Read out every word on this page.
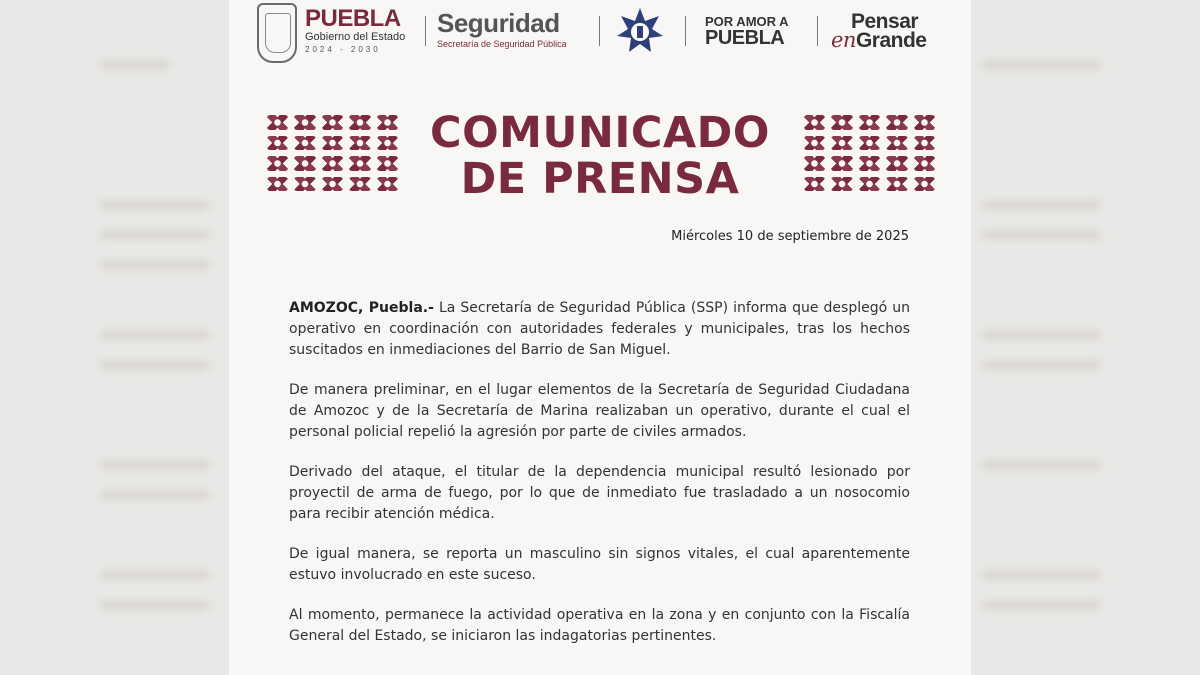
PUEBLA
Gobierno del Estado
2024 - 2030
Seguridad
Secretaría de Seguridad Pública
POR AMOR A
PUEBLA
Pensar
enGrande
COMUNICADO
DE PRENSA
Miércoles 10 de septiembre de 2025

AMOZOC, Puebla.- La Secretaría de Seguridad Pública (SSP) informa que desplegó un operativo en coordinación con autoridades federales y municipales, tras los hechos suscitados en inmediaciones del Barrio de San Miguel.

De manera preliminar, en el lugar elementos de la Secretaría de Seguridad Ciudadana de Amozoc y de la Secretaría de Marina realizaban un operativo, durante el cual el personal policial repelió la agresión por parte de civiles armados.

Derivado del ataque, el titular de la dependencia municipal resultó lesionado por proyectil de arma de fuego, por lo que de inmediato fue trasladado a un nosocomio para recibir atención médica.

De igual manera, se reporta un masculino sin signos vitales, el cual aparentemente estuvo involucrado en este suceso.

Al momento, permanece la actividad operativa en la zona y en conjunto con la Fiscalía General del Estado, se iniciaron las indagatorias pertinentes.
